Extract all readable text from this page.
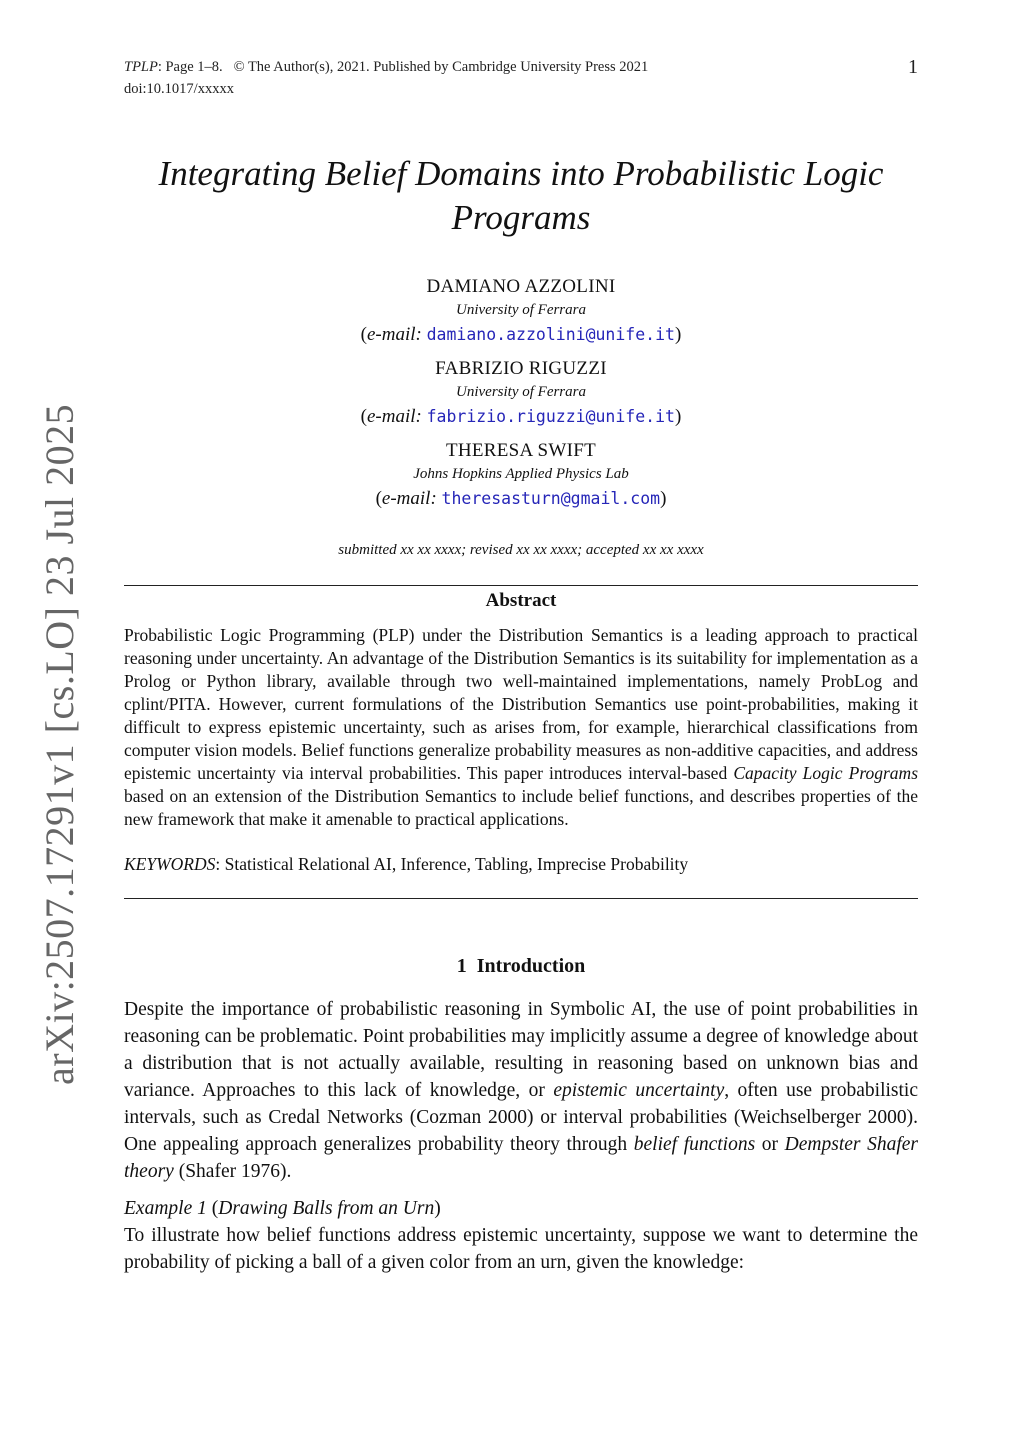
arXiv:2507.17291v1 [cs.LO] 23 Jul 2025
TPLP: Page 1–8. © The Author(s), 2021. Published by Cambridge University Press 2021
doi:10.1017/xxxxx
1
Integrating Belief Domains into Probabilistic Logic
Programs
DAMIANO AZZOLINI
University of Ferrara
(e-mail: damiano.azzolini@unife.it)
FABRIZIO RIGUZZI
University of Ferrara
(e-mail: fabrizio.riguzzi@unife.it)
THERESA SWIFT
Johns Hopkins Applied Physics Lab
(e-mail: theresasturn@gmail.com)
submitted xx xx xxxx; revised xx xx xxxx; accepted xx xx xxxx
Abstract

Probabilistic Logic Programming (PLP) under the Distribution Semantics is a leading approach to practical reasoning under uncertainty. An advantage of the Distribution Semantics is its suitability for implementation as a Prolog or Python library, available through two well-maintained implementations, namely ProbLog and cplint/PITA. However, current formulations of the Distribution Semantics use point-probabilities, making it difficult to express epistemic uncertainty, such as arises from, for example, hierarchical classifications from computer vision models. Belief functions generalize probability measures as non-additive capacities, and address epistemic uncertainty via interval probabilities. This paper introduces interval-based Capacity Logic Programs based on an extension of the Distribution Semantics to include belief functions, and describes properties of the new framework that make it amenable to practical applications.

KEYWORDS: Statistical Relational AI, Inference, Tabling, Imprecise Probability
1 Introduction
Despite the importance of probabilistic reasoning in Symbolic AI, the use of point probabilities in reasoning can be problematic. Point probabilities may implicitly assume a degree of knowledge about a distribution that is not actually available, resulting in reasoning based on unknown bias and variance. Approaches to this lack of knowledge, or epistemic uncertainty, often use probabilistic intervals, such as Credal Networks (Cozman 2000) or interval probabilities (Weichselberger 2000). One appealing approach generalizes probability theory through belief functions or Dempster Shafer theory (Shafer 1976).
Example 1 (Drawing Balls from an Urn)

To illustrate how belief functions address epistemic uncertainty, suppose we want to determine the probability of picking a ball of a given color from an urn, given the knowledge:
